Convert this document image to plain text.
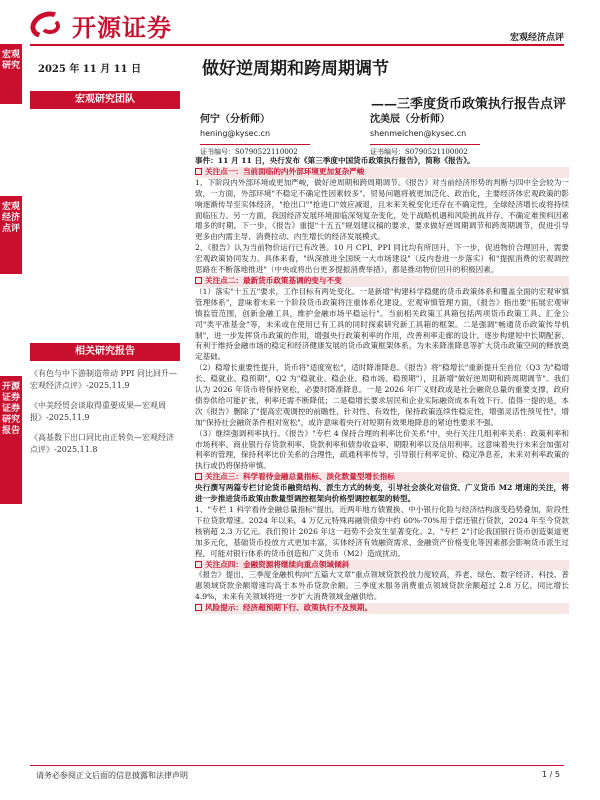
开源证券	宏观经济点评
宏观研究
宏观经济点评
开源证券 证券研究报告
2025 年 11 月 11 日
宏观研究团队
相关研究报告
《有色与中下游制造带动 PPI 同比回升—宏观经济点评》-2025.11.9
《中美经贸会谈取得重要成果—宏观周报》-2025.11.9
《高基数下出口同比由正转负—宏观经济点评》-2025.11.8
做好逆周期和跨周期调节
——三季度货币政策执行报告点评
何宁（分析师）
hening@kysec.cn
证书编号：S0790522110002
沈美辰（分析师）
shenmeichen@kysec.cn
证书编号：S0790521100002

事件：11 月 11 日，央行发布《第三季度中国货币政策执行报告》，简称《报告》。

关注点一：当前面临的内外部环境更加复杂严峻

1、下阶段内外部环境或更加严峻，做好逆周期和跨周期调节。《报告》对当前经济形势的判断与四中全会较为一致，一方面，外部环境"不稳定不确定性因素较多"。贸易问题将被更加泛化、政治化，主要经济体宏观政策的影响逐渐传导至实体经济，"抢出口""抢进口"效应减退，且未来关税变化还存在不确定性，全球经济增长或将持续面临压力。另一方面，我国经济发展环境面临深刻复杂变化，处于战略机遇和风险挑战并存、不确定难预料因素增多的时期。下一步，《报告》重提"十五五"规划建议稿的要求，要求做好逆周期调节和跨周期调节，促进引导更多由内需主导、消费拉动、内生增长的经济发展模式。

2、《报告》认为当前物价运行已有改善。10 月 CPI、PPI 同比均有所回升，下一步，促进物价合理回升，需要宏观政策协同发力。具体来看，"纵深推进全国统一大市场建设"（反内卷进一步落实）和"提振消费的宏观调控思路在不断落地推进"（中央或将出台更多提振消费举措），都是推动物价回升的积极因素。

关注点二：最新货币政策基调的变与不变

（1）落实"十五五"要求，工作目标有两处变化。一是新增"构建科学稳健的货币政策体系和覆盖全面的宏观审慎管理体系"，意味着未来一个阶段货币政策将注重体系化建设。宏观审慎管理方面，《报告》指出要"拓展宏观审慎监管范围，创新金融工具，维护金融市场平稳运行"。当前相关政策工具箱包括两项货币政策工具、汇金公司"类平准基金"等，未来或在使用已有工具的同时探索研究新工具箱的框架。二是强调"畅通货币政策传导机制"，进一步发挥货币政策的作用，增强央行政策利率的作用，改善利率走廊的设计。逐步构建短中长期配套、有利于维持金融市场的稳定和经济健康发展的货币政策框架体系，为未来降准降息等扩大货币政策空间的释放奠定基础。

（2）稳增长重要性提升，货币将"适度宽松"，适时降准降息。《报告》将"稳增长"重新提升至首位（Q3 为"稳增长、稳就业、稳预期"，Q2 为"稳就业、稳企业、稳市场、稳预期"），且新增"做好逆周期和跨周期调节"。我们认为 2026 年货币将保持宽松，必要时降准降息。一是 2026 年广义财政或是社会融资总量的重要支撑，政府债券供给可能扩张，利率还需不断降低；二是稳增长要求居民和企业实际融资成本有效下行。值得一提的是，本次《报告》删除了"提高宏观调控的前瞻性、针对性、有效性，保持政策连续性稳定性，增强灵活性预见性"，增加"保持社会融资条件相对宽松"，或许意味着央行对短期有效果地降息的紧迫性要求不强。

（3）继续强调利率执行。《报告》"专栏 4 保持合理的利率比价关系"中，央行关注几组利率关系：政策利率和市场利率、商业银行存贷款利率、贷款利率和债券收益率、期限利率以及信用利率。这意味着央行未来会加强对利率的管理，保持利率比价关系的合理性，疏通利率传导，引导银行利率定价、稳定净息差，未来对利率政策的执行或仍将保持审慎。

关注点三：科学看待金融总量指标、淡化数量型增长指标

央行撰写两篇专栏讨论货币融资结构、派生方式的转变，引导社会淡化对信贷、广义货币 M2 增速的关注，将进一步推进货币政策由数量型调控框架向价格型调控框架的转型。

1、"专栏 1 科学看待金融总量指标"提出，近两年地方债置换、中小银行化险与经济结构演变趋势叠加，阶段性下拉贷款增速。2024 年以来，4 万亿元特殊再融资债券中约 60%-70%用于偿还银行贷款，2024 年至今贷款核销超 2.3 万亿元。我们预计 2026 年这一趋势不会发生显著变化。2、"专栏 2"讨论我国银行货币创造渠道更加多元化，基础货币投放方式更加丰富，实体经济有效融资需求、金融资产价格变化等因素都会影响货币派生过程，可能对银行体系的货币创造和广义货币（M2）造成扰动。

关注点四：金融资源将继续向重点领域倾斜

《报告》提出，三季度金融机构向"五篇大文章"重点领域贷款投放力度较高，养老、绿色、数字经济、科技、普惠领域贷款余额增速均高于本外币贷款余额。三季度末服务消费重点领域贷款余额超过 2.8 万亿，同比增长 4.9%，未来有关领域将进一步扩大消费领域金融供给。

风险提示：经济超预期下行、政策执行不及预期。

请务必参阅正文后面的信息披露和法律声明	1 / 5
